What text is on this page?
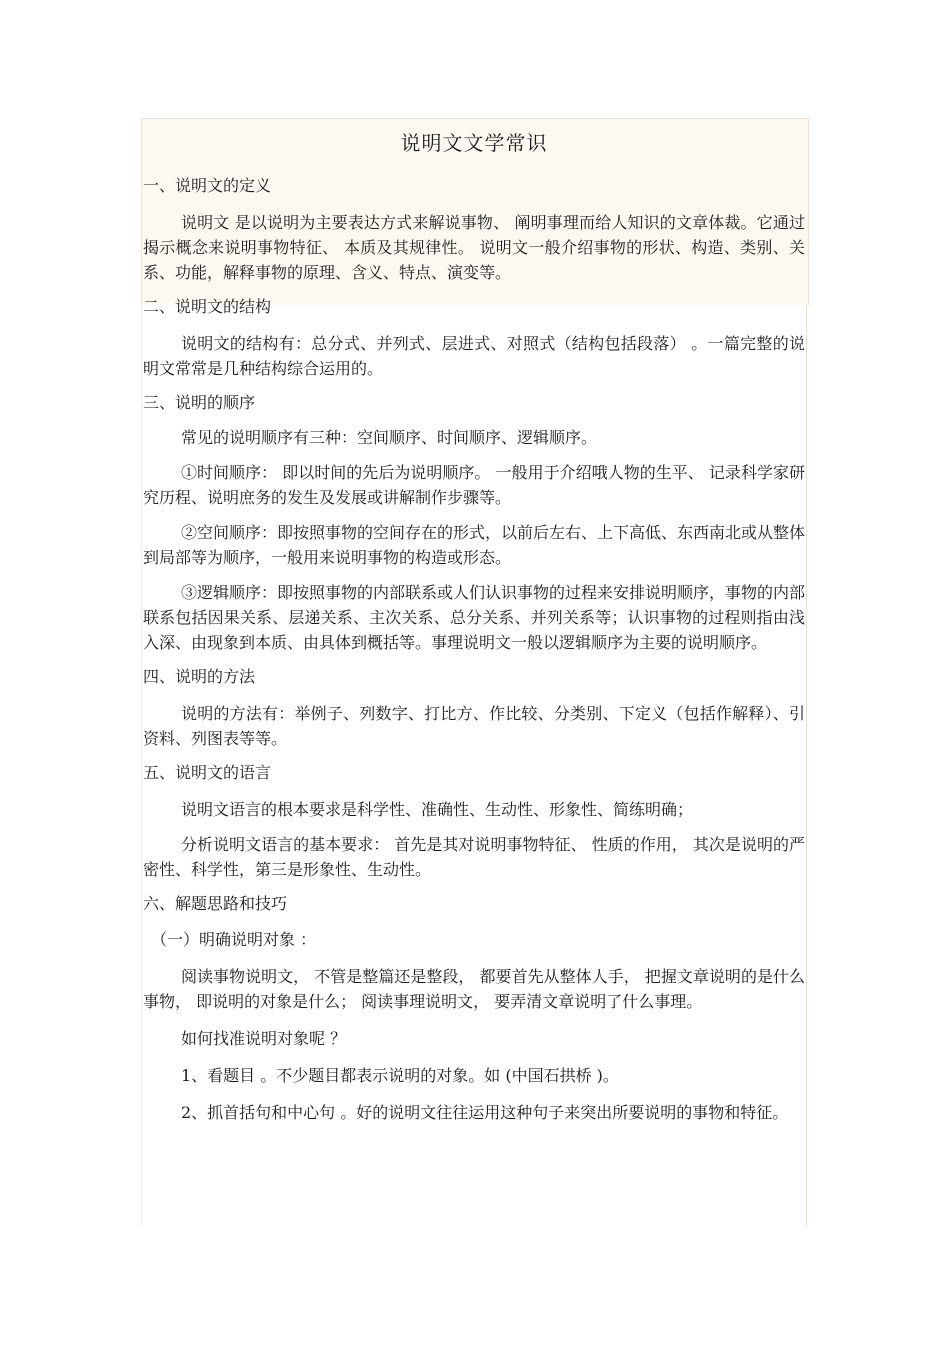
说明文文学常识
一、说明文的定义

说明文 是以说明为主要表达方式来解说事物、 阐明事理而给人知识的文章体裁。它通过揭示概念来说明事物特征、 本质及其规律性。 说明文一般介绍事物的形状、构造、类别、关系、功能，解释事物的原理、含义、特点、演变等。

二、说明文的结构

说明文的结构有：总分式、并列式、层进式、对照式（结构包括段落） 。一篇完整的说明文常常是几种结构综合运用的。

三、说明的顺序

常见的说明顺序有三种：空间顺序、时间顺序、逻辑顺序。

①时间顺序： 即以时间的先后为说明顺序。 一般用于介绍哦人物的生平、 记录科学家研究历程、说明庶务的发生及发展或讲解制作步骤等。

②空间顺序：即按照事物的空间存在的形式，以前后左右、上下高低、东西南北或从整体到局部等为顺序，一般用来说明事物的构造或形态。

③逻辑顺序：即按照事物的内部联系或人们认识事物的过程来安排说明顺序，事物的内部联系包括因果关系、层递关系、主次关系、总分关系、并列关系等；认识事物的过程则指由浅入深、由现象到本质、由具体到概括等。事理说明文一般以逻辑顺序为主要的说明顺序。

四、说明的方法

说明的方法有：举例子、列数字、打比方、作比较、分类别、下定义（包括作解释）、引资料、列图表等等。

五、说明文的语言

说明文语言的根本要求是科学性、准确性、生动性、形象性、简练明确；

分析说明文语言的基本要求： 首先是其对说明事物特征、 性质的作用， 其次是说明的严密性、科学性，第三是形象性、生动性。

六、解题思路和技巧
（一）明确说明对象 ：

阅读事物说明文， 不管是整篇还是整段， 都要首先从整体人手， 把握文章说明的是什么事物， 即说明的对象是什么； 阅读事理说明文， 要弄清文章说明了什么事理。

如何找准说明对象呢 ？

1、看题目 。不少题目都表示说明的对象。如 (中国石拱桥 )。

2、抓首括句和中心句 。好的说明文往往运用这种句子来突出所要说明的事物和特征。
